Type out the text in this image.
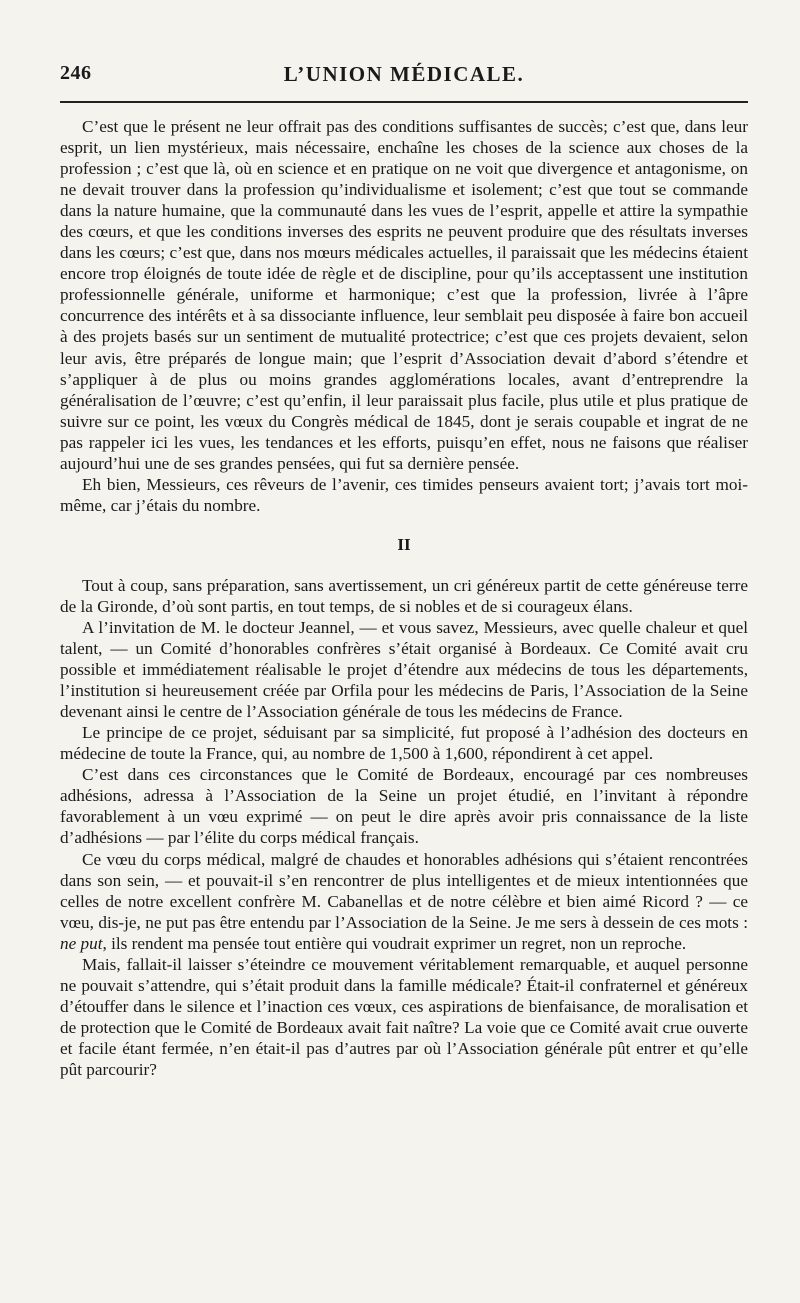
246	L’UNION MÉDICALE.

C’est que le présent ne leur offrait pas des conditions suffisantes de succès; c’est que, dans leur esprit, un lien mystérieux, mais nécessaire, enchaîne les choses de la science aux choses de la profession ; c’est que là, où en science et en pratique on ne voit que divergence et antagonisme, on ne devait trouver dans la profession qu’individualisme et isolement; c’est que tout se commande dans la nature humaine, que la communauté dans les vues de l’esprit, appelle et attire la sympathie des cœurs, et que les conditions inverses des esprits ne peuvent produire que des résultats inverses dans les cœurs; c’est que, dans nos mœurs médicales actuelles, il paraissait que les médecins étaient encore trop éloignés de toute idée de règle et de discipline, pour qu’ils acceptassent une institution professionnelle générale, uniforme et harmonique; c’est que la profession, livrée à l’âpre concurrence des intérêts et à sa dissociante influence, leur semblait peu disposée à faire bon accueil à des projets basés sur un sentiment de mutualité protectrice; c’est que ces projets devaient, selon leur avis, être préparés de longue main; que l’esprit d’Association devait d’abord s’étendre et s’appliquer à de plus ou moins grandes agglomérations locales, avant d’entreprendre la généralisation de l’œuvre; c’est qu’enfin, il leur paraissait plus facile, plus utile et plus pratique de suivre sur ce point, les vœux du Congrès médical de 1845, dont je serais coupable et ingrat de ne pas rappeler ici les vues, les tendances et les efforts, puisqu’en effet, nous ne faisons que réaliser aujourd’hui une de ses grandes pensées, qui fut sa dernière pensée.

Eh bien, Messieurs, ces rêveurs de l’avenir, ces timides penseurs avaient tort; j’avais tort moi-même, car j’étais du nombre.

II

Tout à coup, sans préparation, sans avertissement, un cri généreux partit de cette généreuse terre de la Gironde, d’où sont partis, en tout temps, de si nobles et de si courageux élans.

A l’invitation de M. le docteur Jeannel, — et vous savez, Messieurs, avec quelle chaleur et quel talent, — un Comité d’honorables confrères s’était organisé à Bordeaux. Ce Comité avait cru possible et immédiatement réalisable le projet d’étendre aux médecins de tous les départements, l’institution si heureusement créée par Orfila pour les médecins de Paris, l’Association de la Seine devenant ainsi le centre de l’Association générale de tous les médecins de France.

Le principe de ce projet, séduisant par sa simplicité, fut proposé à l’adhésion des docteurs en médecine de toute la France, qui, au nombre de 1,500 à 1,600, répondirent à cet appel.

C’est dans ces circonstances que le Comité de Bordeaux, encouragé par ces nombreuses adhésions, adressa à l’Association de la Seine un projet étudié, en l’invitant à répondre favorablement à un vœu exprimé — on peut le dire après avoir pris connaissance de la liste d’adhésions — par l’élite du corps médical français.

Ce vœu du corps médical, malgré de chaudes et honorables adhésions qui s’étaient rencontrées dans son sein, — et pouvait-il s’en rencontrer de plus intelligentes et de mieux intentionnées que celles de notre excellent confrère M. Cabanellas et de notre célèbre et bien aimé Ricord ? — ce vœu, dis-je, ne put pas être entendu par l’Association de la Seine. Je me sers à dessein de ces mots : ne put, ils rendent ma pensée tout entière qui voudrait exprimer un regret, non un reproche.

Mais, fallait-il laisser s’éteindre ce mouvement véritablement remarquable, et auquel personne ne pouvait s’attendre, qui s’était produit dans la famille médicale? Était-il confraternel et généreux d’étouffer dans le silence et l’inaction ces vœux, ces aspirations de bienfaisance, de moralisation et de protection que le Comité de Bordeaux avait fait naître? La voie que ce Comité avait crue ouverte et facile étant fermée, n’en était-il pas d’autres par où l’Association générale pût entrer et qu’elle pût parcourir?
